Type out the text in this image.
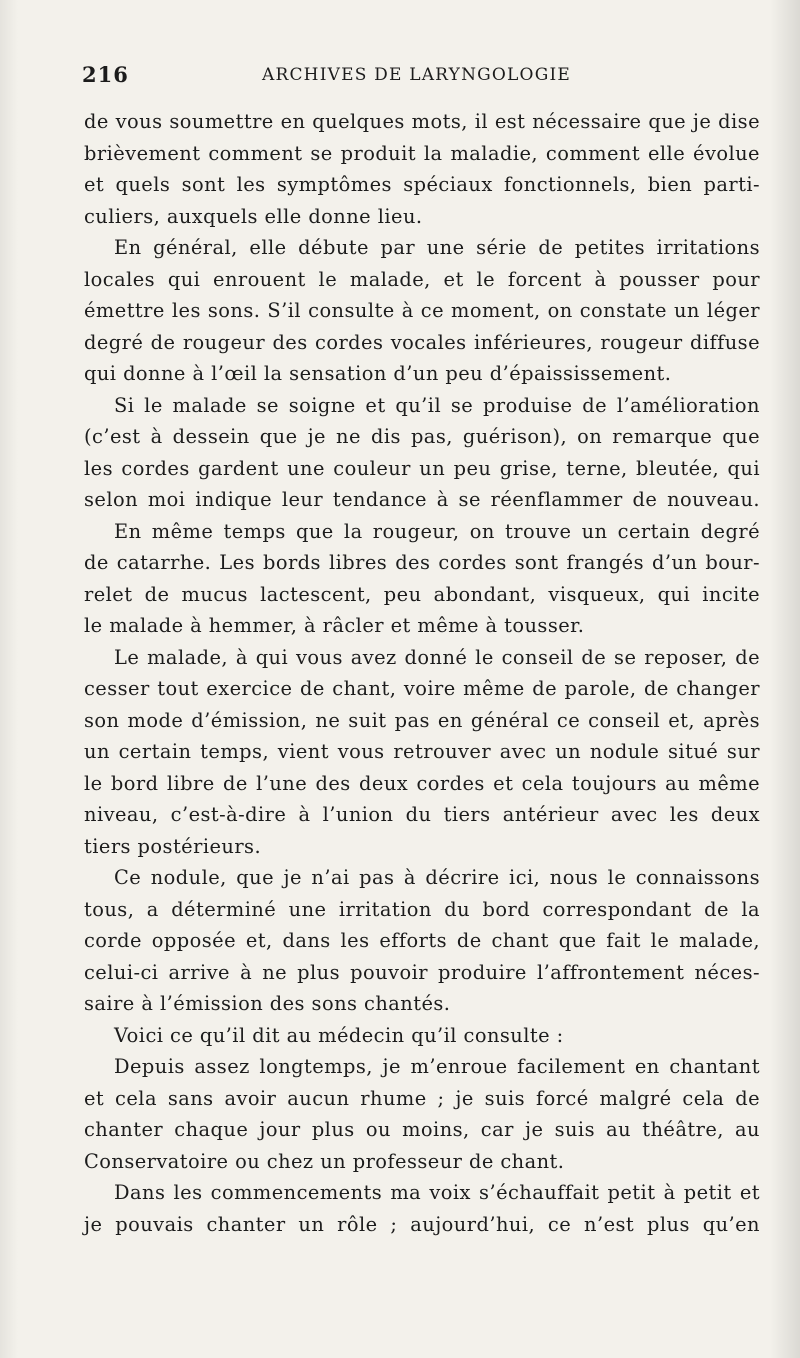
216	ARCHIVES DE LARYNGOLOGIE
de vous soumettre en quelques mots, il est nécessaire que je dise
brièvement comment se produit la maladie, comment elle évolue
et quels sont les symptômes spéciaux fonctionnels, bien parti-
culiers, auxquels elle donne lieu.
En général, elle débute par une série de petites irritations
locales qui enrouent le malade, et le forcent à pousser pour
émettre les sons. S’il consulte à ce moment, on constate un léger
degré de rougeur des cordes vocales inférieures, rougeur diffuse
qui donne à l’œil la sensation d’un peu d’épaississement.
Si le malade se soigne et qu’il se produise de l’amélioration
(c’est à dessein que je ne dis pas, guérison), on remarque que
les cordes gardent une couleur un peu grise, terne, bleutée, qui
selon moi indique leur tendance à se réenflammer de nouveau.
En même temps que la rougeur, on trouve un certain degré
de catarrhe. Les bords libres des cordes sont frangés d’un bour-
relet de mucus lactescent, peu abondant, visqueux, qui incite
le malade à hemmer, à râcler et même à tousser.
Le malade, à qui vous avez donné le conseil de se reposer, de
cesser tout exercice de chant, voire même de parole, de changer
son mode d’émission, ne suit pas en général ce conseil et, après
un certain temps, vient vous retrouver avec un nodule situé sur
le bord libre de l’une des deux cordes et cela toujours au même
niveau, c’est-à-dire à l’union du tiers antérieur avec les deux
tiers postérieurs.
Ce nodule, que je n’ai pas à décrire ici, nous le connaissons
tous, a déterminé une irritation du bord correspondant de la
corde opposée et, dans les efforts de chant que fait le malade,
celui-ci arrive à ne plus pouvoir produire l’affrontement néces-
saire à l’émission des sons chantés.
Voici ce qu’il dit au médecin qu’il consulte :
Depuis assez longtemps, je m’enroue facilement en chantant
et cela sans avoir aucun rhume ; je suis forcé malgré cela de
chanter chaque jour plus ou moins, car je suis au théâtre, au
Conservatoire ou chez un professeur de chant.
Dans les commencements ma voix s’échauffait petit à petit et
je pouvais chanter un rôle ; aujourd’hui, ce n’est plus qu’en
